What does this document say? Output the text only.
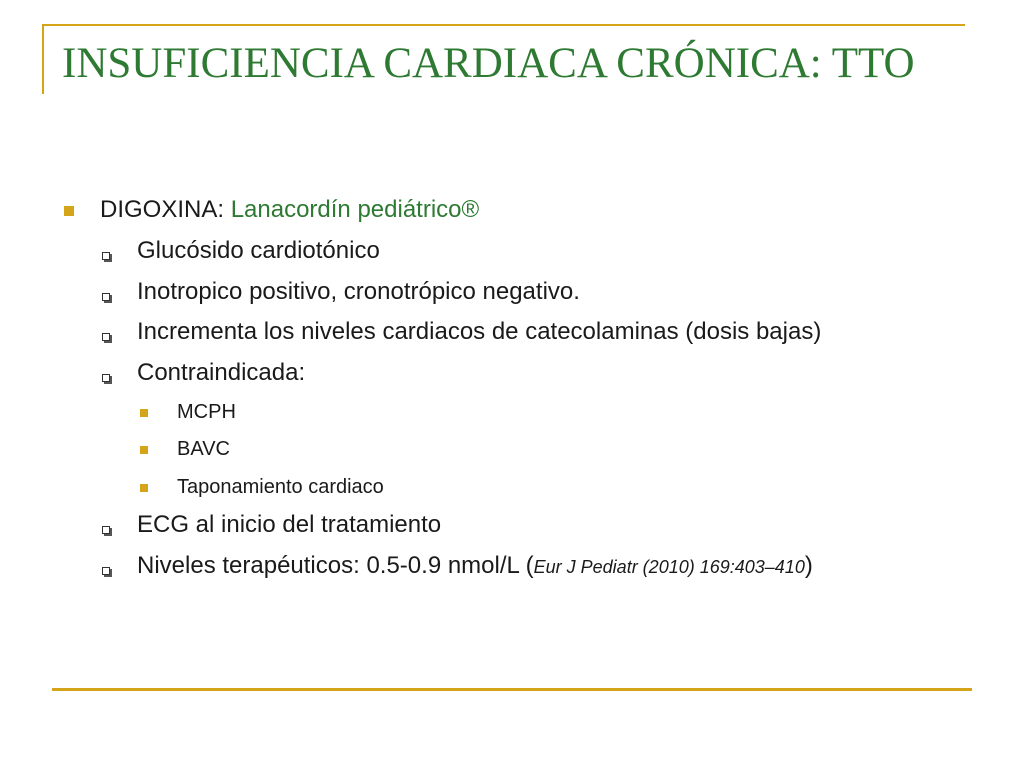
INSUFICIENCIA CARDIACA CRÓNICA: TTO
DIGOXINA: Lanacordín pediátrico®
Glucósido cardiotónico
Inotropico positivo, cronotrópico negativo.
Incrementa los niveles cardiacos de catecolaminas (dosis bajas)
Contraindicada:
MCPH
BAVC
Taponamiento cardiaco
ECG al inicio del tratamiento
Niveles terapéuticos: 0.5-0.9 nmol/L (Eur J Pediatr (2010) 169:403–410)
